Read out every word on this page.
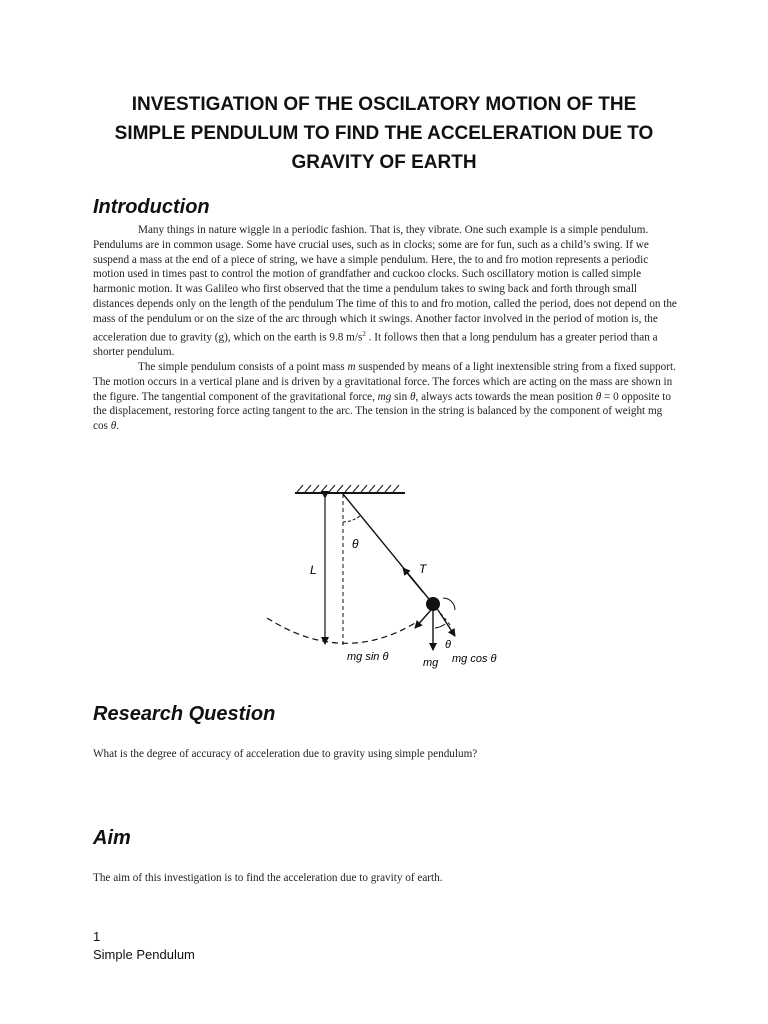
INVESTIGATION OF THE OSCILATORY MOTION OF THE SIMPLE PENDULUM TO FIND THE ACCELERATION DUE TO GRAVITY OF EARTH
Introduction

Many things in nature wiggle in a periodic fashion. That is, they vibrate. One such example is a simple pendulum. Pendulums are in common usage. Some have crucial uses, such as in clocks; some are for fun, such as a child’s swing. If we suspend a mass at the end of a piece of string, we have a simple pendulum. Here, the to and fro motion represents a periodic motion used in times past to control the motion of grandfather and cuckoo clocks. Such oscillatory motion is called simple harmonic motion. It was Galileo who first observed that the time a pendulum takes to swing back and forth through small distances depends only on the length of the pendulum The time of this to and fro motion, called the period, does not depend on the mass of the pendulum or on the size of the arc through which it swings. Another factor involved in the period of motion is, the acceleration due to gravity (g), which on the earth is 9.8 $m/s^2$ . It follows then that a long pendulum has a greater period than a shorter pendulum.

The simple pendulum consists of a point mass m suspended by means of a light inextensible string from a fixed support. The motion occurs in a vertical plane and is driven by a gravitational force. The forces which are acting on the mass are shown in the figure. The tangential component of the gravitational force, mg sin θ, always acts towards the mean position θ = 0 opposite to the displacement, restoring force acting tangent to the arc. The tension in the string is balanced by the component of weight mg cos θ.

θ
L	T
θ
mg sin θ	mg mg cos θ
Research Question
What is the degree of accuracy of acceleration due to gravity using simple pendulum?
Aim
The aim of this investigation is to find the acceleration due to gravity of earth.
1
Simple Pendulum
